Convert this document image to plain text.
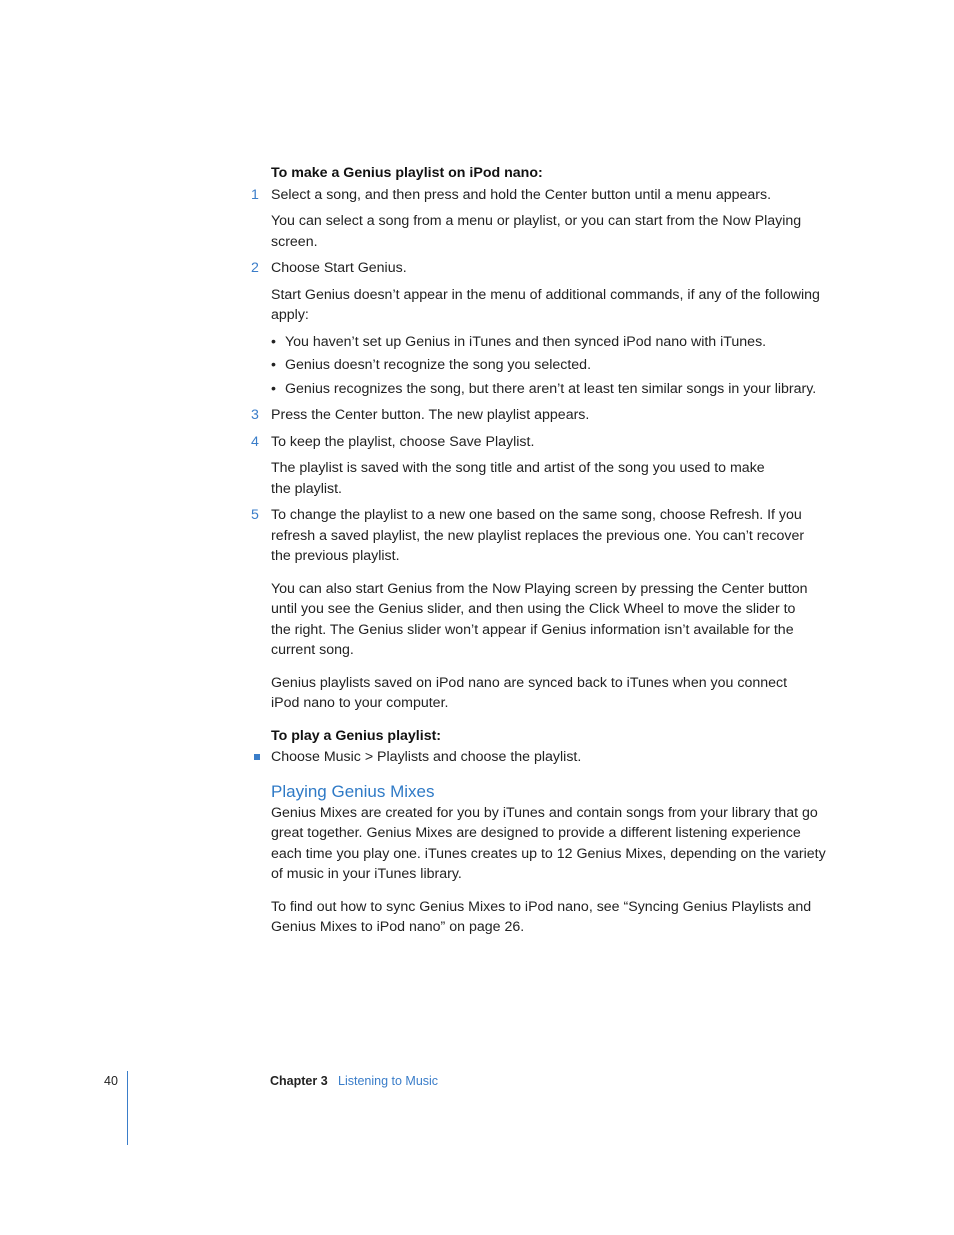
To make a Genius playlist on iPod nano:
1 Select a song, and then press and hold the Center button until a menu appears.
You can select a song from a menu or playlist, or you can start from the Now Playing screen.
2 Choose Start Genius.
Start Genius doesn’t appear in the menu of additional commands, if any of the following apply:
• You haven’t set up Genius in iTunes and then synced iPod nano with iTunes.
• Genius doesn’t recognize the song you selected.
• Genius recognizes the song, but there aren’t at least ten similar songs in your library.
3 Press the Center button. The new playlist appears.
4 To keep the playlist, choose Save Playlist.
The playlist is saved with the song title and artist of the song you used to make the playlist.
5 To change the playlist to a new one based on the same song, choose Refresh. If you refresh a saved playlist, the new playlist replaces the previous one. You can’t recover the previous playlist.
You can also start Genius from the Now Playing screen by pressing the Center button until you see the Genius slider, and then using the Click Wheel to move the slider to the right. The Genius slider won’t appear if Genius information isn’t available for the current song.
Genius playlists saved on iPod nano are synced back to iTunes when you connect iPod nano to your computer.
To play a Genius playlist:
Choose Music > Playlists and choose the playlist.
Playing Genius Mixes
Genius Mixes are created for you by iTunes and contain songs from your library that go great together. Genius Mixes are designed to provide a different listening experience each time you play one. iTunes creates up to 12 Genius Mixes, depending on the variety of music in your iTunes library.
To find out how to sync Genius Mixes to iPod nano, see “Syncing Genius Playlists and Genius Mixes to iPod nano” on page 26.
40	Chapter 3 Listening to Music
